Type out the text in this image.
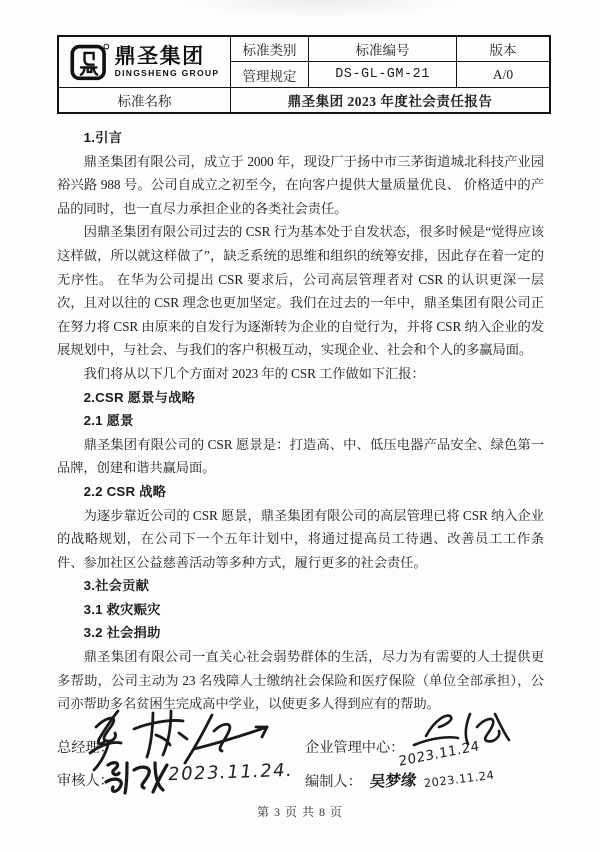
鼎圣集团
DINGSHENG GROUP	标准类别	标准编号	版本
	管理规定	DS-GL-GM-21	A/0
标准名称	鼎圣集团 2023 年度社会责任报告		

1.引言

鼎圣集团有限公司，成立于 2000 年，现设厂于扬中市三茅街道城北科技产业园裕兴路 988 号。公司自成立之初至今，在向客户提供大量质量优良、 价格适中的产品的同时，也一直尽力承担企业的各类社会责任。

因鼎圣集团有限公司过去的 CSR 行为基本处于自发状态，很多时候是“觉得应该这样做，所以就这样做了”，缺乏系统的思维和组织的统筹安排，因此存在着一定的无序性。 在华为公司提出 CSR 要求后，公司高层管理者对 CSR 的认识更深一层次，且对以往的 CSR 理念也更加坚定。我们在过去的一年中，鼎圣集团有限公司正在努力将 CSR 由原来的自发行为逐渐转为企业的自觉行为，并将 CSR 纳入企业的发展规划中，与社会、与我们的客户积极互动，实现企业、社会和个人的多赢局面。

我们将从以下几个方面对 2023 年的 CSR 工作做如下汇报：

2.CSR 愿景与战略

2.1 愿景

鼎圣集团有限公司的 CSR 愿景是：打造高、中、低压电器产品安全、绿色第一品牌，创建和谐共赢局面。

2.2 CSR 战略

为逐步靠近公司的 CSR 愿景，鼎圣集团有限公司的高层管理已将 CSR 纳入企业的战略规划，在公司下一个五年计划中，将通过提高员工待遇、改善员工工作条件、参加社区公益慈善活动等多种方式，履行更多的社会责任。

3.社会贡献

3.1 救灾赈灾

3.2 社会捐助

鼎圣集团有限公司一直关心社会弱势群体的生活，尽力为有需要的人士提供更多帮助，公司主动为 23 名残障人士缴纳社会保险和医疗保险（单位全部承担），公司亦帮助多名贫困生完成高中学业，以使更多人得到应有的帮助。

总经理：
审核人：	2023.11.24.
企业管理中心：
2023.11.24
编制人： 吴梦缘 2023.11.24
第 3 页 共 8 页
